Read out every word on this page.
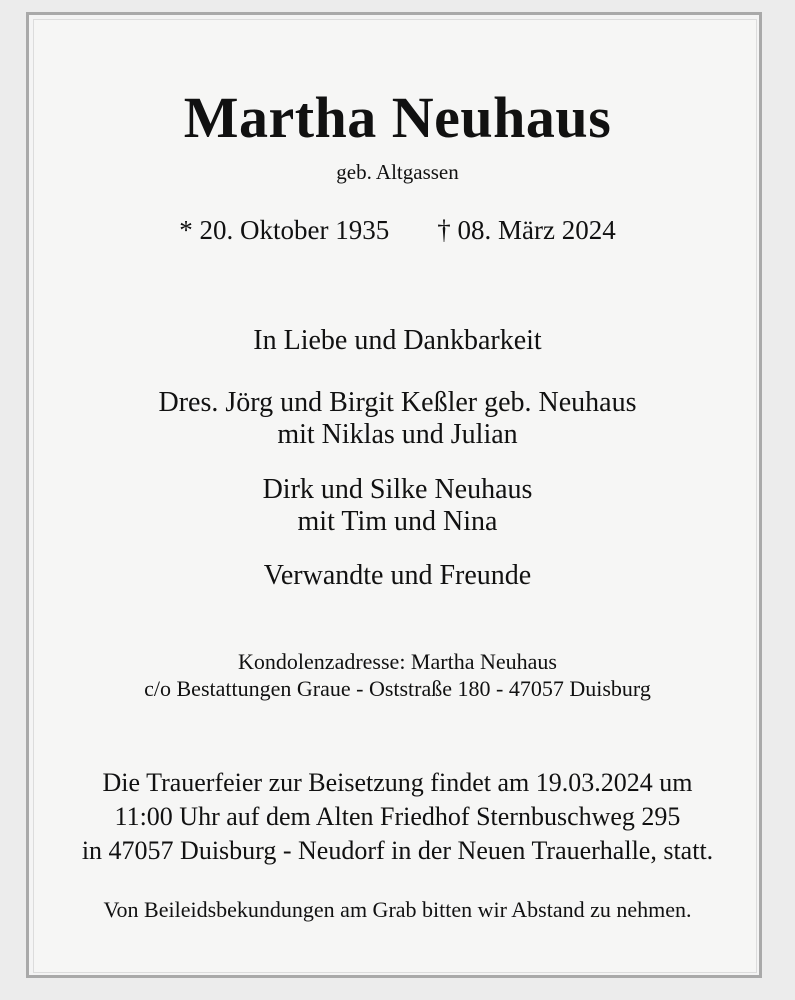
Martha Neuhaus
geb. Altgassen
* 20. Oktober 1935 † 08. März 2024
In Liebe und Dankbarkeit
Dres. Jörg und Birgit Keßler geb. Neuhaus
mit Niklas und Julian
Dirk und Silke Neuhaus
mit Tim und Nina
Verwandte und Freunde
Kondolenzadresse: Martha Neuhaus
c/o Bestattungen Graue - Oststraße 180 - 47057 Duisburg
Die Trauerfeier zur Beisetzung findet am 19.03.2024 um
11:00 Uhr auf dem Alten Friedhof Sternbuschweg 295
in 47057 Duisburg - Neudorf in der Neuen Trauerhalle, statt.
Von Beileidsbekundungen am Grab bitten wir Abstand zu nehmen.
